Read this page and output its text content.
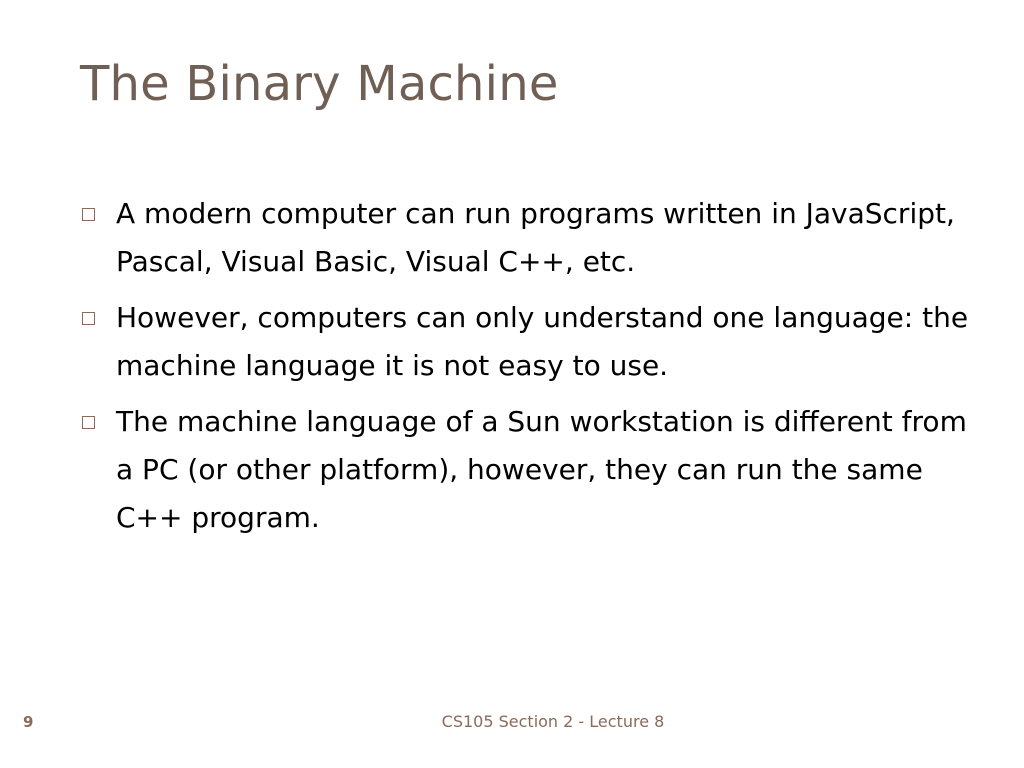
The Binary Machine
A modern computer can run programs written in JavaScript, Pascal, Visual Basic, Visual C++, etc.
However, computers can only understand one language: the machine language it is not easy to use.
The machine language of a Sun workstation is different from a PC (or other platform), however, they can run the same C++ program.
9	CS105 Section 2 - Lecture 8
